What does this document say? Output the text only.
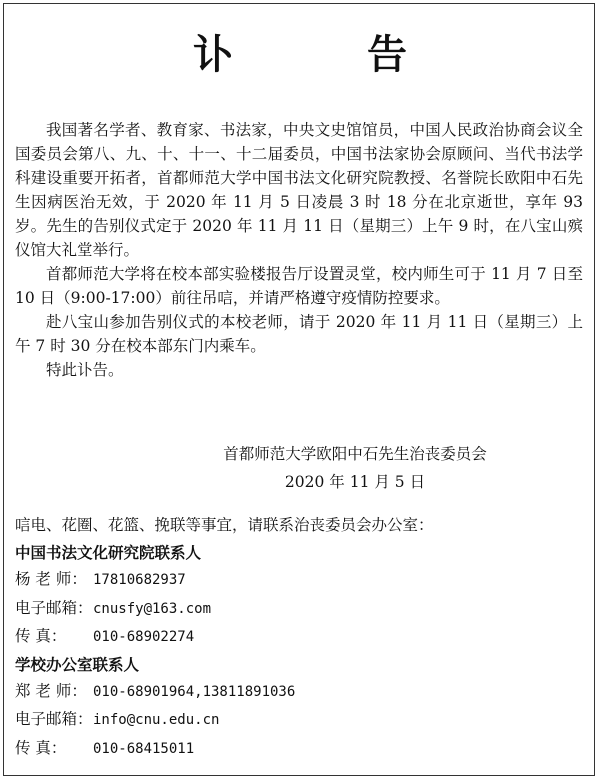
讣 告

我国著名学者、教育家、书法家，中央文史馆馆员，中国人民政治协商会议全国委员会第八、九、十、十一、十二届委员，中国书法家协会原顾问、当代书法学科建设重要开拓者，首都师范大学中国书法文化研究院教授、名誉院长欧阳中石先生因病医治无效，于 2020 年 11 月 5 日凌晨 3 时 18 分在北京逝世，享年 93 岁。先生的告别仪式定于 2020 年 11 月 11 日（星期三）上午 9 时，在八宝山殡仪馆大礼堂举行。

首都师范大学将在校本部实验楼报告厅设置灵堂，校内师生可于 11 月 7 日至 10 日（9:00-17:00）前往吊唁，并请严格遵守疫情防控要求。

赴八宝山参加告别仪式的本校老师，请于 2020 年 11 月 11 日（星期三）上午 7 时 30 分在校本部东门内乘车。

特此讣告。

首都师范大学欧阳中石先生治丧委员会
2020 年 11 月 5 日
唁电、花圈、花篮、挽联等事宜，请联系治丧委员会办公室：
中国书法文化研究院联系人
杨 老 师： 17810682937
电子邮箱：cnusfy@163.com
传 真： 010-68902274
学校办公室联系人
郑 老 师： 010-68901964,13811891036
电子邮箱：info@cnu.edu.cn
传 真： 010-68415011
